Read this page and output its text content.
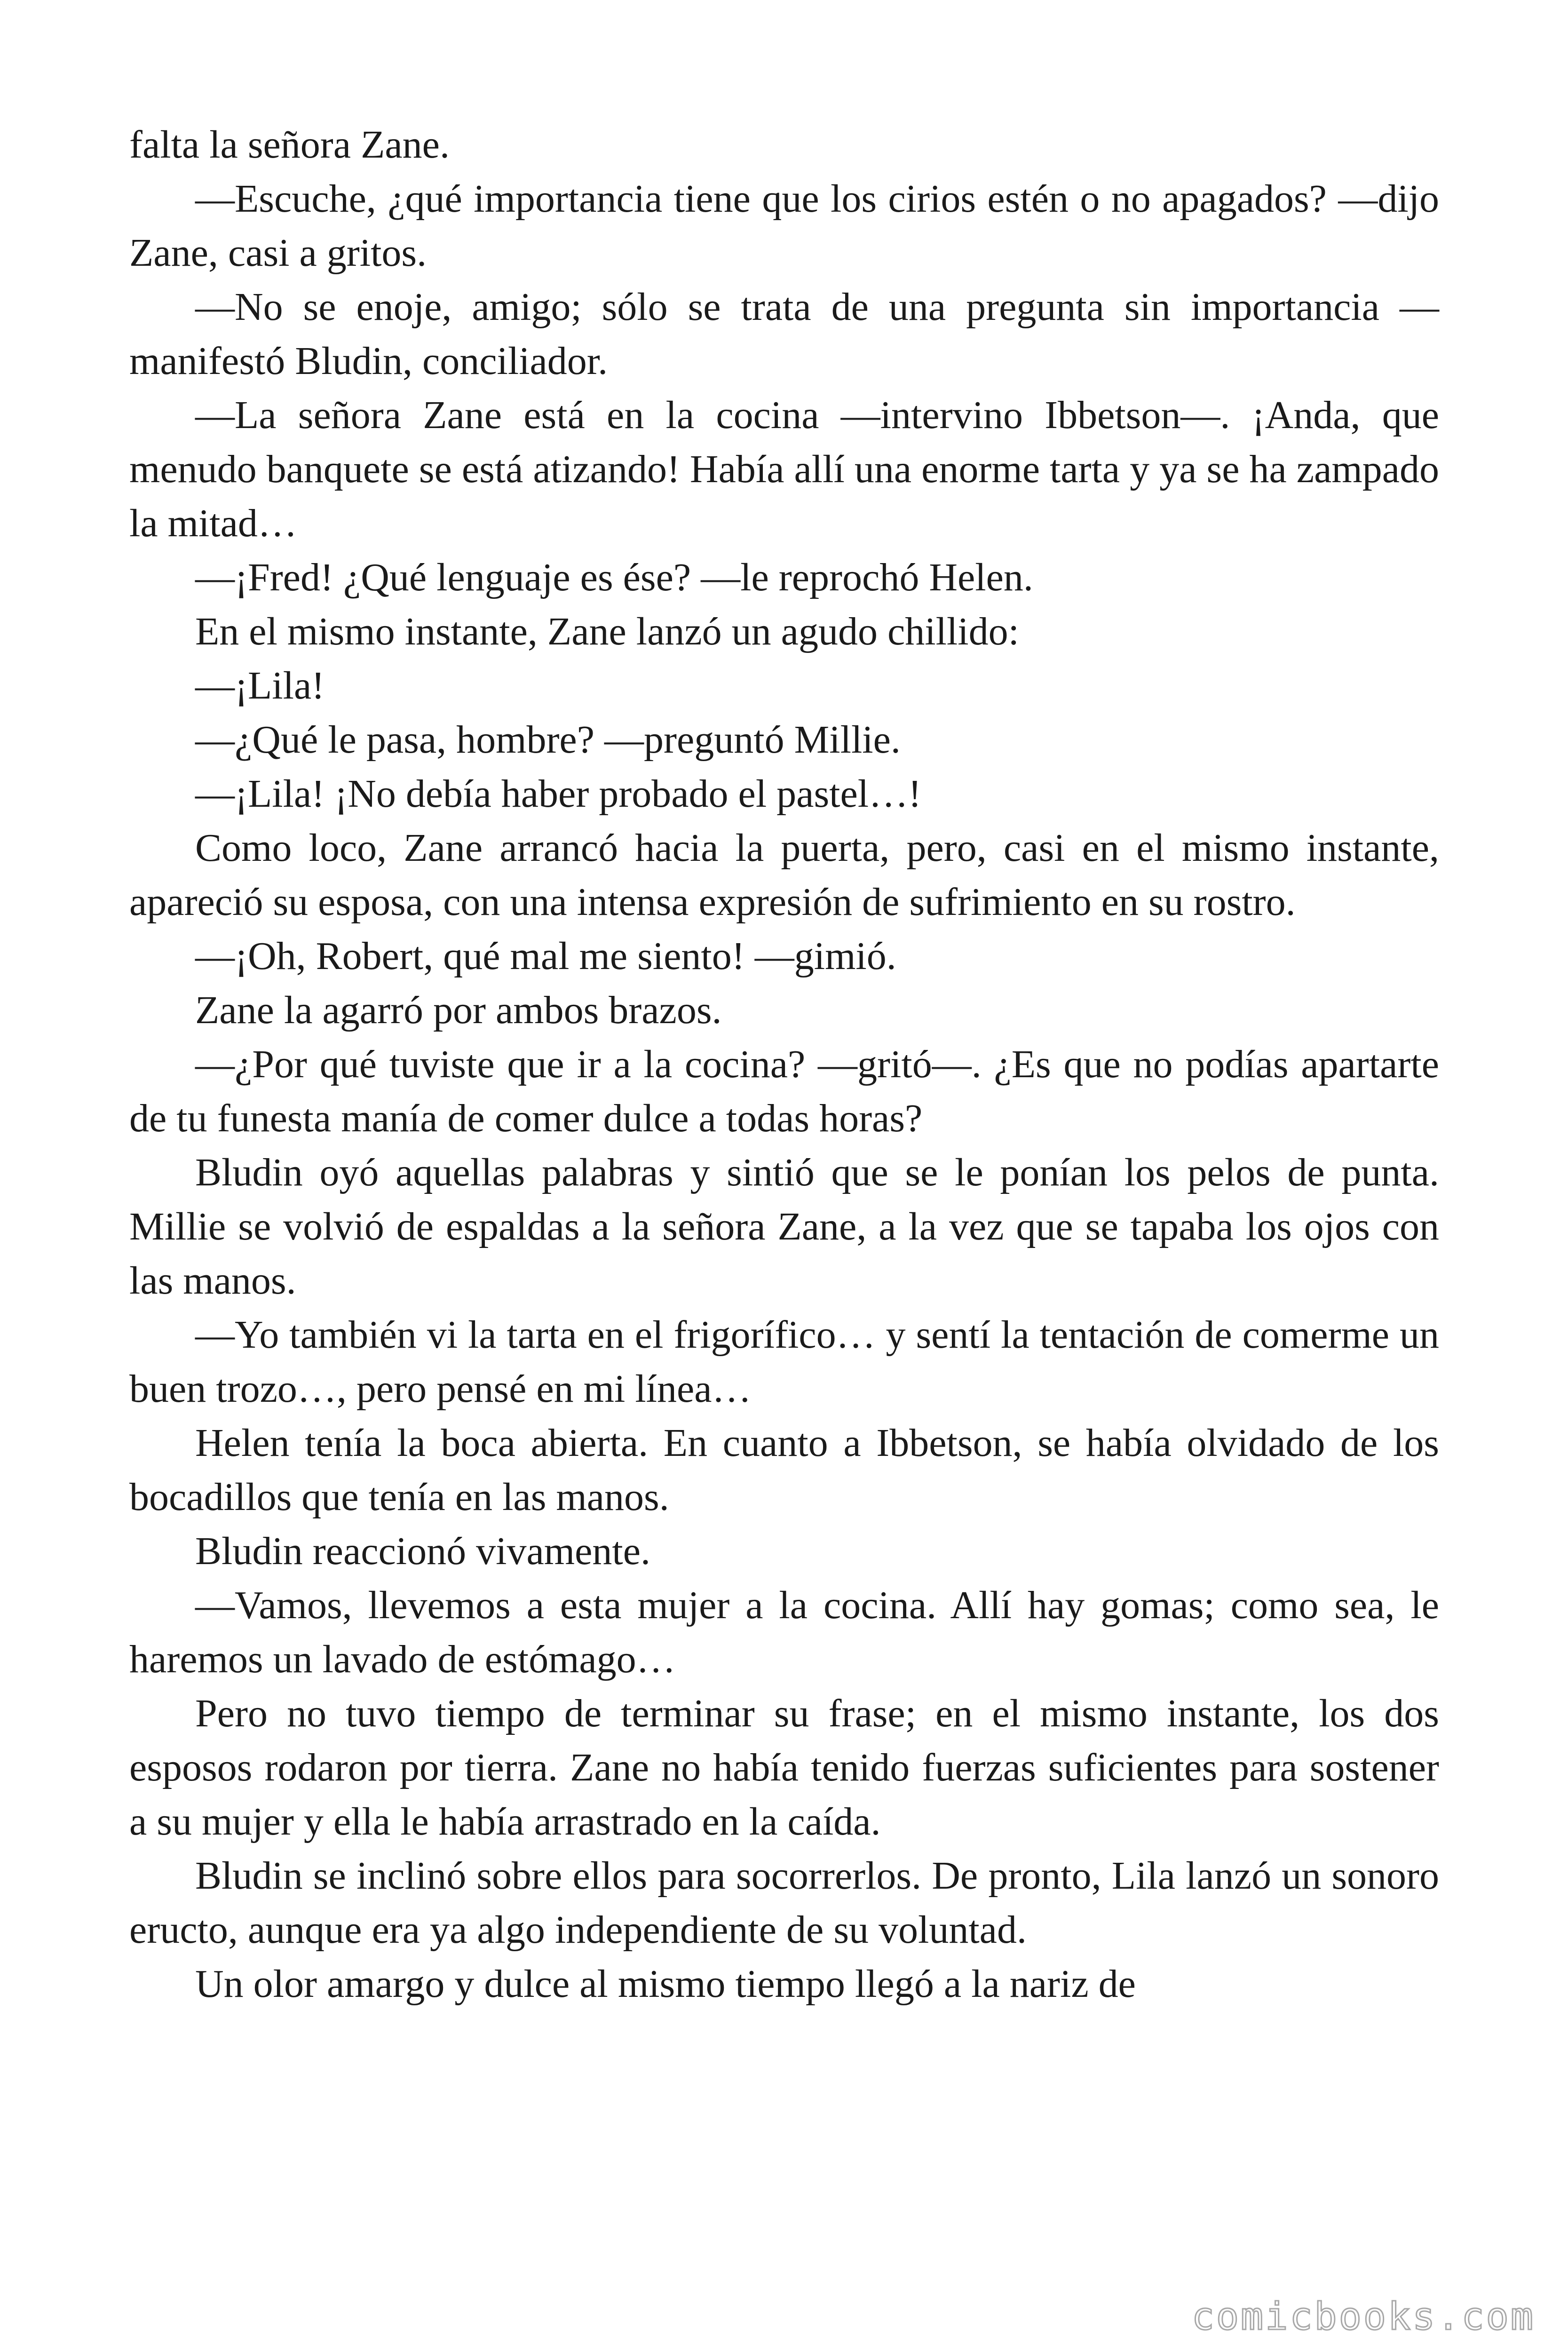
falta la señora Zane.

—Escuche, ¿qué importancia tiene que los cirios estén o no apagados? —dijo Zane, casi a gritos.

—No se enoje, amigo; sólo se trata de una pregunta sin importancia —manifestó Bludin, conciliador.

—La señora Zane está en la cocina —intervino Ibbetson—. ¡Anda, que menudo banquete se está atizando! Había allí una enorme tarta y ya se ha zampado la mitad…

—¡Fred! ¿Qué lenguaje es ése? —le reprochó Helen.

En el mismo instante, Zane lanzó un agudo chillido:

—¡Lila!

—¿Qué le pasa, hombre? —preguntó Millie.

—¡Lila! ¡No debía haber probado el pastel…!

Como loco, Zane arrancó hacia la puerta, pero, casi en el mismo instante, apareció su esposa, con una intensa expresión de sufrimiento en su rostro.

—¡Oh, Robert, qué mal me siento! —gimió.

Zane la agarró por ambos brazos.

—¿Por qué tuviste que ir a la cocina? —gritó—. ¿Es que no podías apartarte de tu funesta manía de comer dulce a todas horas?

Bludin oyó aquellas palabras y sintió que se le ponían los pelos de punta. Millie se volvió de espaldas a la señora Zane, a la vez que se tapaba los ojos con las manos.

—Yo también vi la tarta en el frigorífico… y sentí la tentación de comerme un buen trozo…, pero pensé en mi línea…

Helen tenía la boca abierta. En cuanto a Ibbetson, se había olvidado de los bocadillos que tenía en las manos.

Bludin reaccionó vivamente.

—Vamos, llevemos a esta mujer a la cocina. Allí hay gomas; como sea, le haremos un lavado de estómago…

Pero no tuvo tiempo de terminar su frase; en el mismo instante, los dos esposos rodaron por tierra. Zane no había tenido fuerzas suficientes para sostener a su mujer y ella le había arrastrado en la caída.

Bludin se inclinó sobre ellos para socorrerlos. De pronto, Lila lanzó un sonoro eructo, aunque era ya algo independiente de su voluntad.

Un olor amargo y dulce al mismo tiempo llegó a la nariz de

comicbooks.com
